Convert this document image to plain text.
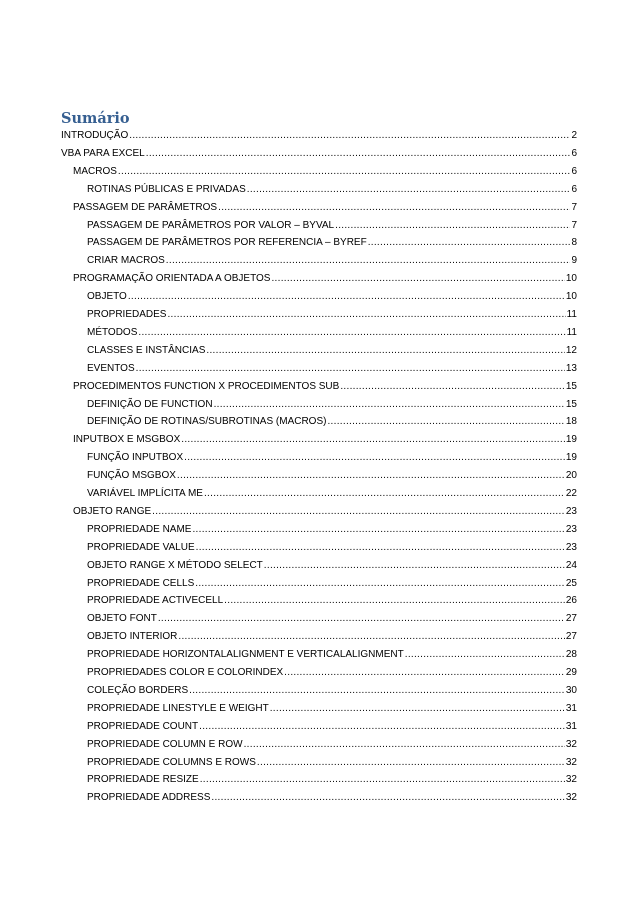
Sumário
INTRODUÇÃO .....	2
VBA PARA EXCEL .....	6
MACROS .....	6
ROTINAS PÚBLICAS E PRIVADAS .....	6
PASSAGEM DE PARÂMETROS .....	7
PASSAGEM DE PARÂMETROS POR VALOR – BYVAL .....	7
PASSAGEM DE PARÂMETROS POR REFERENCIA – BYREF .....	8
CRIAR MACROS .....	9
PROGRAMAÇÃO ORIENTADA A OBJETOS .....	10
OBJETO .....	10
PROPRIEDADES .....	11
MÉTODOS .....	11
CLASSES E INSTÂNCIAS .....	12
EVENTOS .....	13
PROCEDIMENTOS FUNCTION X PROCEDIMENTOS SUB .....	15
DEFINIÇÃO DE FUNCTION .....	15
DEFINIÇÃO DE ROTINAS/SUBROTINAS (MACROS) .....	18
INPUTBOX E MSGBOX .....	19
FUNÇÃO INPUTBOX .....	19
FUNÇÃO MSGBOX .....	20
VARIÁVEL IMPLÍCITA ME .....	22
OBJETO RANGE .....	23
PROPRIEDADE NAME .....	23
PROPRIEDADE VALUE .....	23
OBJETO RANGE X MÉTODO SELECT .....	24
PROPRIEDADE CELLS .....	25
PROPRIEDADE ACTIVECELL .....	26
OBJETO FONT .....	27
OBJETO INTERIOR .....	27
PROPRIEDADE HORIZONTALALIGNMENT E VERTICALALIGNMENT .....	28
PROPRIEDADES COLOR E COLORINDEX .....	29
COLEÇÃO BORDERS .....	30
PROPRIEDADE LINESTYLE E WEIGHT .....	31
PROPRIEDADE COUNT .....	31
PROPRIEDADE COLUMN E ROW .....	32
PROPRIEDADE COLUMNS E ROWS .....	32
PROPRIEDADE RESIZE .....	32
PROPRIEDADE ADDRESS .....	32
